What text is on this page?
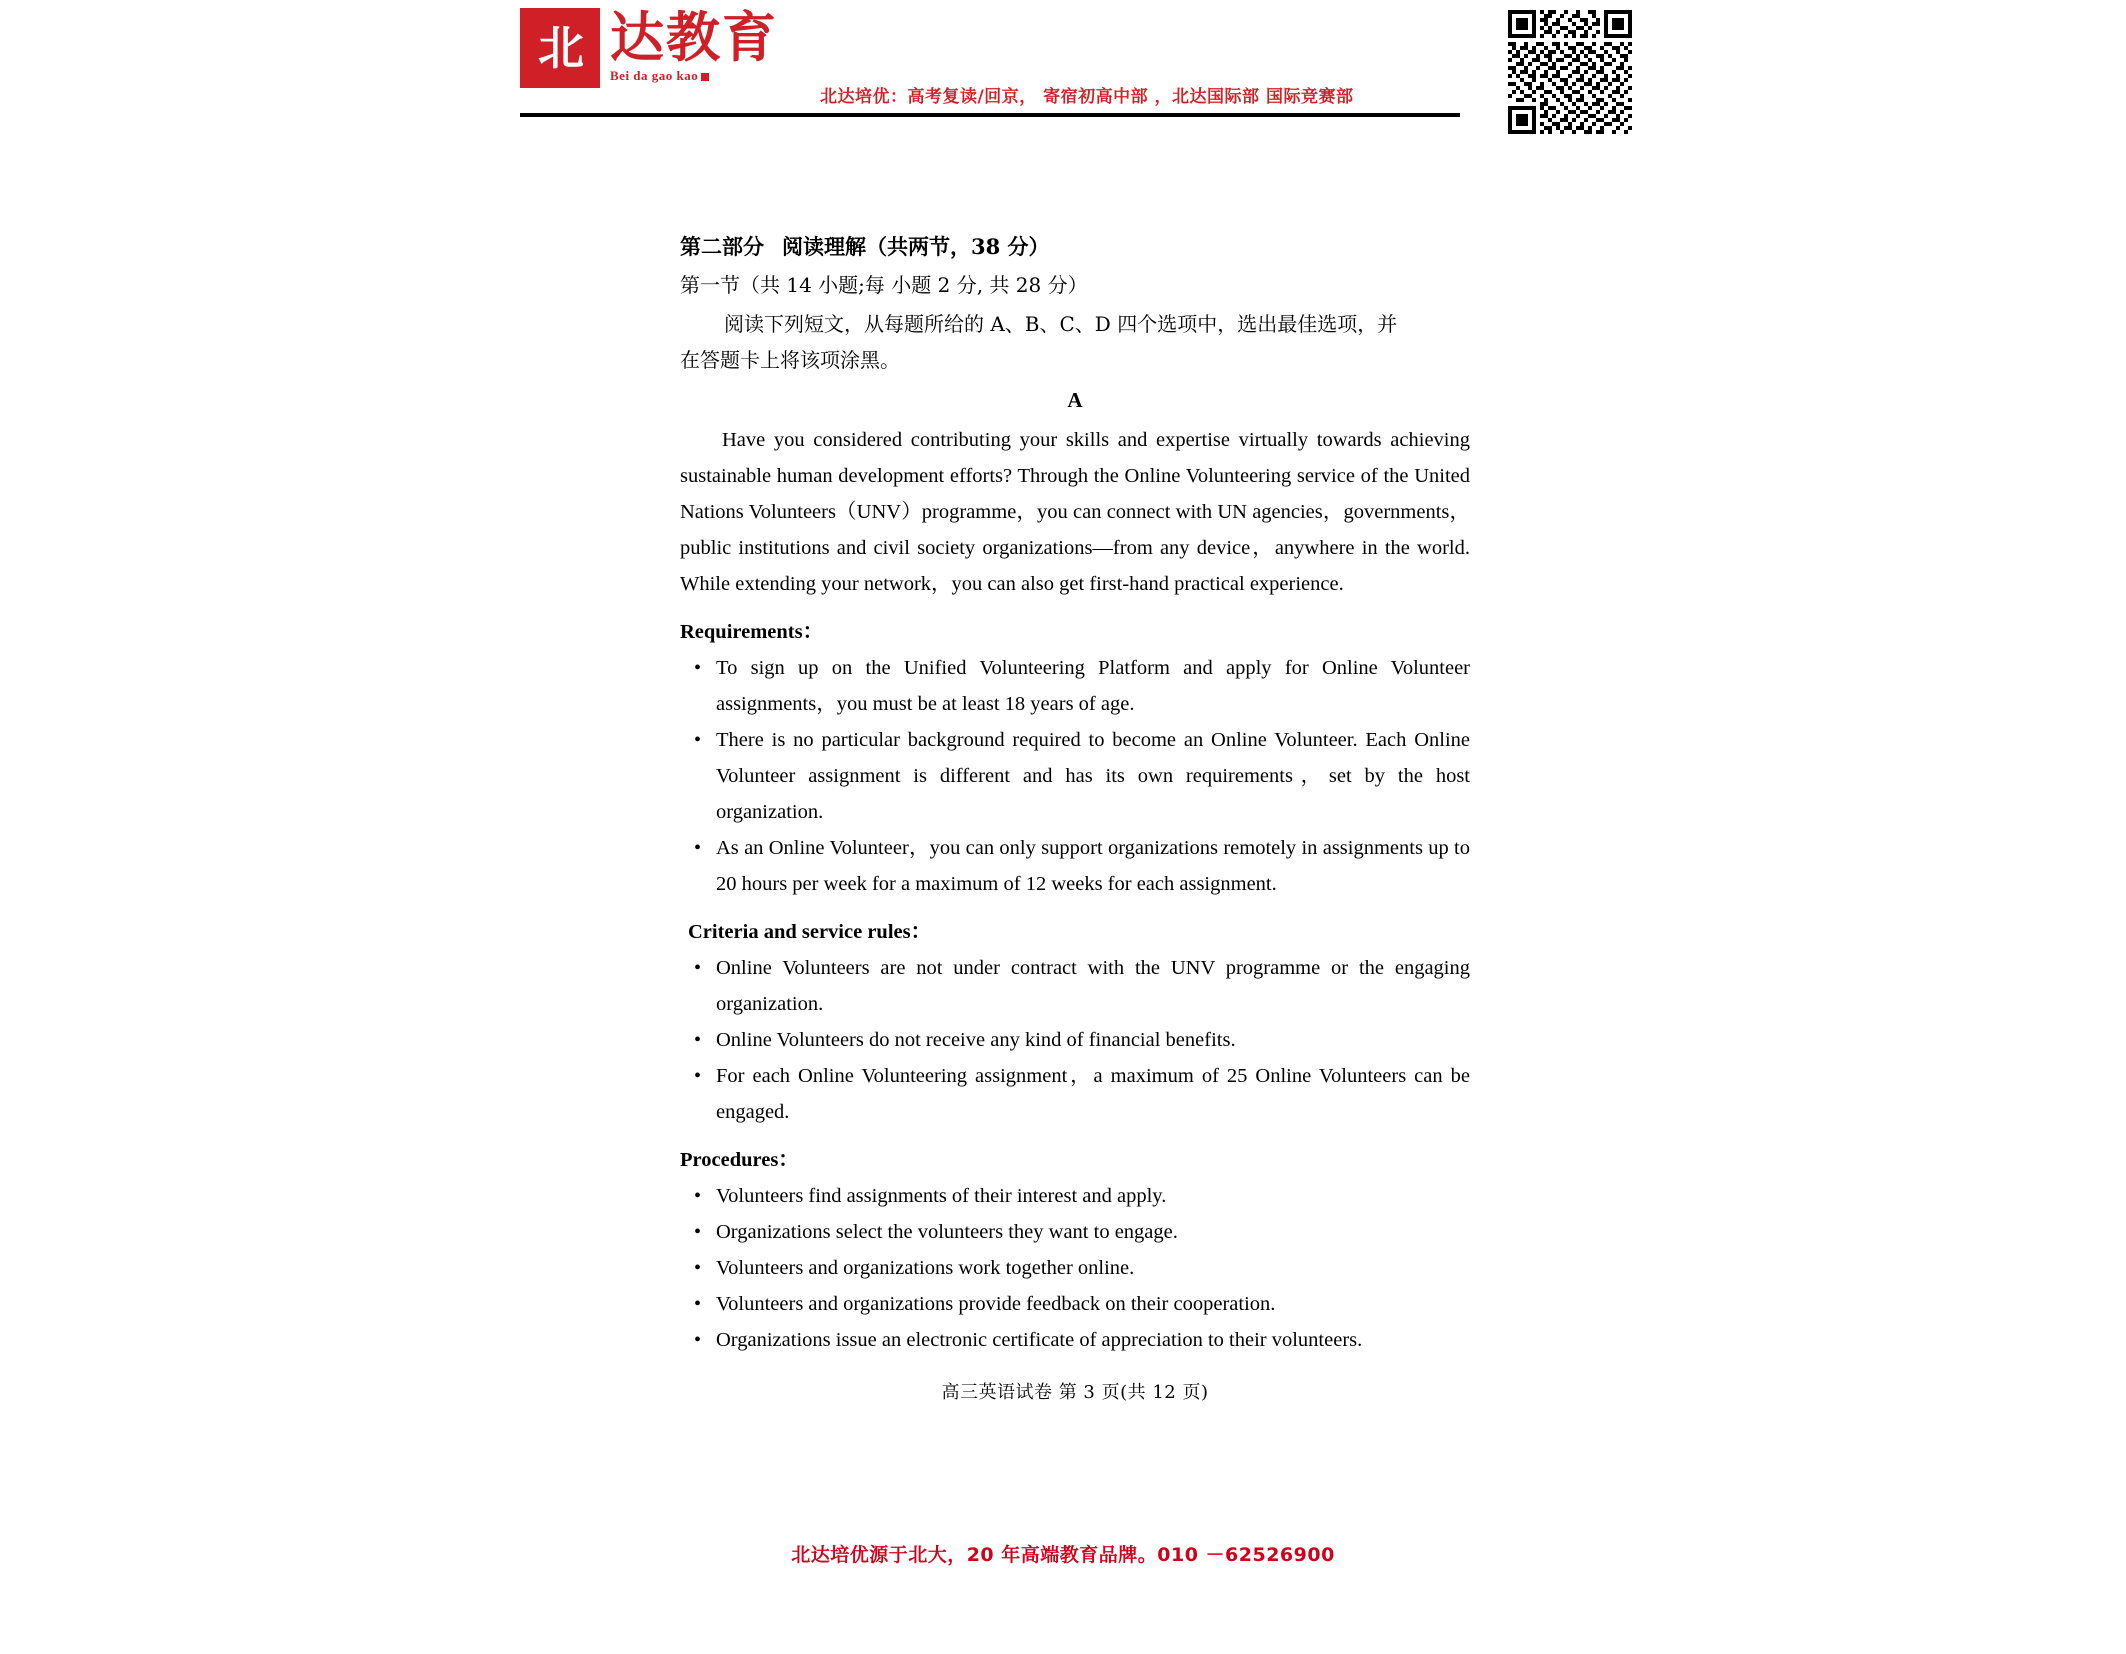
北 达教育
Bei da gao kao
北达培优：高考复读/回京， 寄宿初高中部 ，北达国际部 国际竞赛部
第二部分 阅读理解（共两节，38 分）
第一节（共 14 小题;每 小题 2 分, 共 28 分）
阅读下列短文，从每题所给的 A、B、C、D 四个选项中，选出最佳选项，并
在答题卡上将该项涂黑。
A
Have you considered contributing your skills and expertise virtually towards achieving sustainable human development efforts? Through the Online Volunteering service of the United Nations Volunteers（UNV）programme，you can connect with UN agencies，governments，public institutions and civil society organizations—from any device，anywhere in the world. While extending your network，you can also get first-hand practical experience.
Requirements：
• To sign up on the Unified Volunteering Platform and apply for Online Volunteer assignments，you must be at least 18 years of age.
• There is no particular background required to become an Online Volunteer. Each Online Volunteer assignment is different and has its own requirements，set by the host organization.
• As an Online Volunteer，you can only support organizations remotely in assignments up to 20 hours per week for a maximum of 12 weeks for each assignment.
Criteria and service rules：
• Online Volunteers are not under contract with the UNV programme or the engaging organization.
• Online Volunteers do not receive any kind of financial benefits.
• For each Online Volunteering assignment，a maximum of 25 Online Volunteers can be engaged.
Procedures：
• Volunteers find assignments of their interest and apply.
• Organizations select the volunteers they want to engage.
• Volunteers and organizations work together online.
• Volunteers and organizations provide feedback on their cooperation.
• Organizations issue an electronic certificate of appreciation to their volunteers.
高三英语试卷 第 3 页(共 12 页)
北达培优源于北大，20 年高端教育品牌。010 －62526900
